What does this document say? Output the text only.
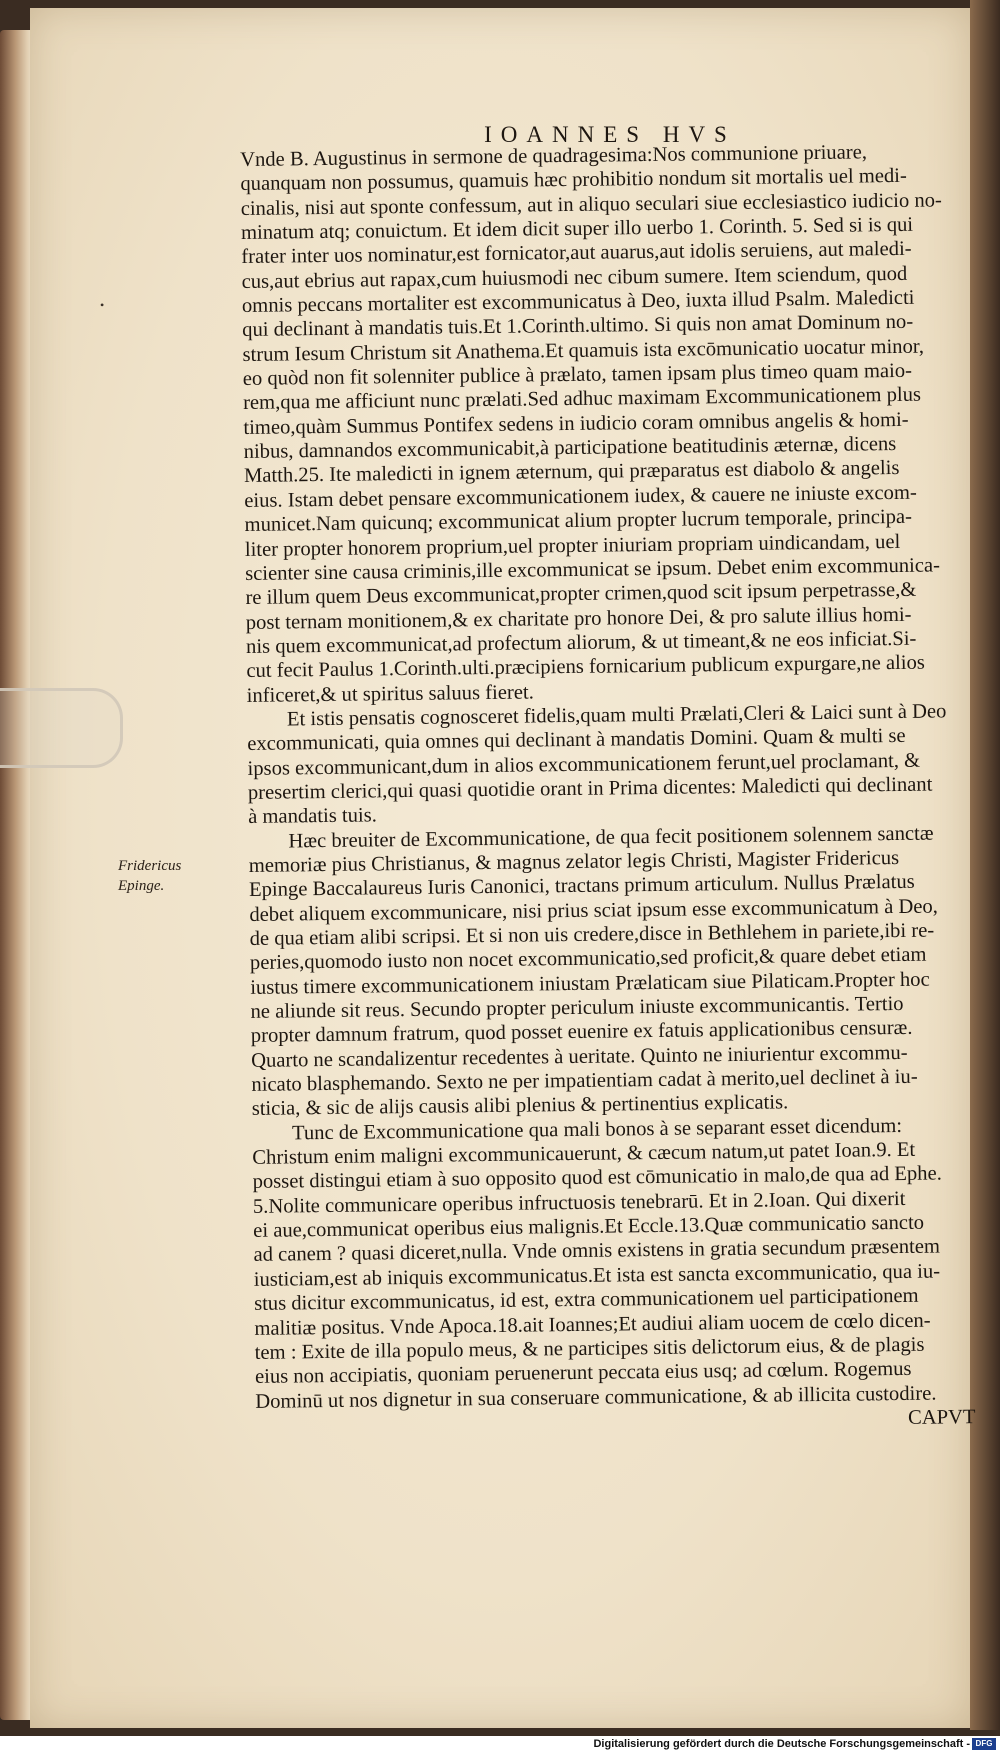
•
IOANNES HVS
Fridericus
Epinge.
Vnde B. Augustinus in sermone de quadragesima:Nos communione priuare,
quanquam non possumus, quamuis hæc prohibitio nondum sit mortalis uel medi-
cinalis, nisi aut sponte confessum, aut in aliquo seculari siue ecclesiastico iudicio no-
minatum atq; conuictum. Et idem dicit super illo uerbo 1. Corinth. 5. Sed si is qui
frater inter uos nominatur,est fornicator,aut auarus,aut idolis seruiens, aut maledi-
cus,aut ebrius aut rapax,cum huiusmodi nec cibum sumere. Item sciendum, quod
omnis peccans mortaliter est excommunicatus à Deo, iuxta illud Psalm. Maledicti
qui declinant à mandatis tuis.Et 1.Corinth.ultimo. Si quis non amat Dominum no-
strum Iesum Christum sit Anathema.Et quamuis ista excōmunicatio uocatur minor,
eo quòd non fit solenniter publice à prælato, tamen ipsam plus timeo quam maio-
rem,qua me afficiunt nunc prælati.Sed adhuc maximam Excommunicationem plus
timeo,quàm Summus Pontifex sedens in iudicio coram omnibus angelis & homi-
nibus, damnandos excommunicabit,à participatione beatitudinis æternæ, dicens
Matth.25. Ite maledicti in ignem æternum, qui præparatus est diabolo & angelis
eius. Istam debet pensare excommunicationem iudex, & cauere ne iniuste excom-
municet.Nam quicunq; excommunicat alium propter lucrum temporale, principa-
liter propter honorem proprium,uel propter iniuriam propriam uindicandam, uel
scienter sine causa criminis,ille excommunicat se ipsum. Debet enim excommunica-
re illum quem Deus excommunicat,propter crimen,quod scit ipsum perpetrasse,&
post ternam monitionem,& ex charitate pro honore Dei, & pro salute illius homi-
nis quem excommunicat,ad profectum aliorum, & ut timeant,& ne eos inficiat.Si-
cut fecit Paulus 1.Corinth.ulti.præcipiens fornicarium publicum expurgare,ne alios
inficeret,& ut spiritus saluus fieret.
Et istis pensatis cognosceret fidelis,quam multi Prælati,Cleri & Laici sunt à Deo
excommunicati, quia omnes qui declinant à mandatis Domini. Quam & multi se
ipsos excommunicant,dum in alios excommunicationem ferunt,uel proclamant, &
presertim clerici,qui quasi quotidie orant in Prima dicentes: Maledicti qui declinant
à mandatis tuis.
Hæc breuiter de Excommunicatione, de qua fecit positionem solennem sanctæ
memoriæ pius Christianus, & magnus zelator legis Christi, Magister Fridericus
Epinge Baccalaureus Iuris Canonici, tractans primum articulum. Nullus Prælatus
debet aliquem excommunicare, nisi prius sciat ipsum esse excommunicatum à Deo,
de qua etiam alibi scripsi. Et si non uis credere,disce in Bethlehem in pariete,ibi re-
peries,quomodo iusto non nocet excommunicatio,sed proficit,& quare debet etiam
iustus timere excommunicationem iniustam Prælaticam siue Pilaticam.Propter hoc
ne aliunde sit reus. Secundo propter periculum iniuste excommunicantis. Tertio
propter damnum fratrum, quod posset euenire ex fatuis applicationibus censuræ.
Quarto ne scandalizentur recedentes à ueritate. Quinto ne iniurientur excommu-
nicato blasphemando. Sexto ne per impatientiam cadat à merito,uel declinet à iu-
sticia, & sic de alijs causis alibi plenius & pertinentius explicatis.
Tunc de Excommunicatione qua mali bonos à se separant esset dicendum:
Christum enim maligni excommunicauerunt, & cæcum natum,ut patet Ioan.9. Et
posset distingui etiam à suo opposito quod est cōmunicatio in malo,de qua ad Ephe.
5.Nolite communicare operibus infructuosis tenebrarū. Et in 2.Ioan. Qui dixerit
ei aue,communicat operibus eius malignis.Et Eccle.13.Quæ communicatio sancto
ad canem ? quasi diceret,nulla. Vnde omnis existens in gratia secundum præsentem
iusticiam,est ab iniquis excommunicatus.Et ista est sancta excommunicatio, qua iu-
stus dicitur excommunicatus, id est, extra communicationem uel participationem
malitiæ positus. Vnde Apoca.18.ait Ioannes;Et audiui aliam uocem de cœlo dicen-
tem : Exite de illa populo meus, & ne participes sitis delictorum eius, & de plagis
eius non accipiatis, quoniam peruenerunt peccata eius usq; ad cœlum. Rogemus
Dominū ut nos dignetur in sua conseruare communicatione, & ab illicita custodire.
CAPVT
Digitalisierung gefördert durch die Deutsche Forschungsgemeinschaft - DFG
